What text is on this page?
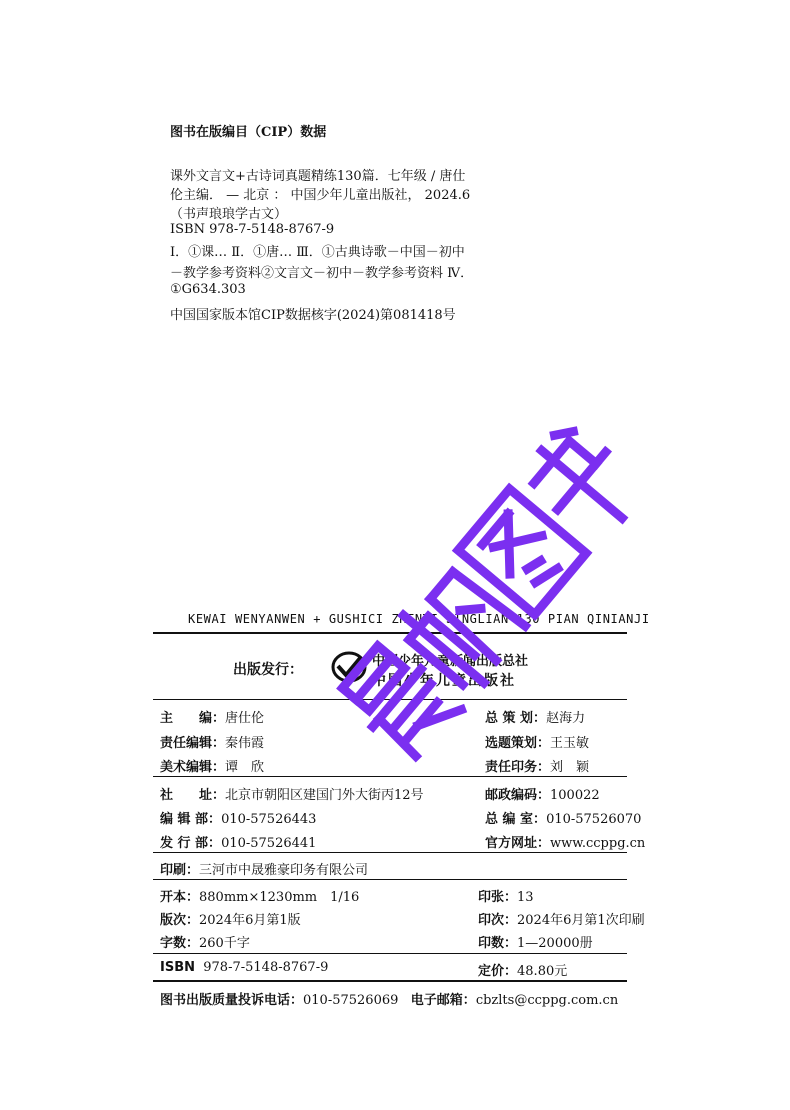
图书在版编目（CIP）数据
课外文言文+古诗词真题精练130篇．七年级 / 唐仕
伦主编． — 北京 ： 中国少年儿童出版社， 2024.6
（书声琅琅学古文）
ISBN 978-7-5148-8767-9
Ⅰ．①课… Ⅱ．①唐… Ⅲ．①古典诗歌－中国－初中
－教学参考资料②文言文－初中－教学参考资料 Ⅳ．
①G634.303
中国国家版本馆CIP数据核字(2024)第081418号
KEWAI WENYANWEN + GUSHICI ZHENTI JINGLIAN 130 PIAN QINIANJI
出版发行：
中国少年儿童新闻出版总社
中国少年儿童出版社
主　　编：唐仕伦	总 策 划：赵海力
责任编辑：秦伟霞	选题策划：王玉敏
美术编辑：谭　欣	责任印务：刘　颖
社　　址：北京市朝阳区建国门外大街丙12号	邮政编码：100022
编 辑 部：010-57526443	总 编 室：010-57526070
发 行 部：010-57526441	官方网址：www.ccppg.cn
印刷：三河市中晟雅豪印务有限公司
开本：880mm×1230mm　1/16	印张：13
版次：2024年6月第1版	印次：2024年6月第1次印刷
字数：260千字	印数：1—20000册
ISBN 978-7-5148-8767-9	定价：48.80元
图书出版质量投诉电话：010-57526069 电子邮箱：cbzlts@ccppg.com.cn
